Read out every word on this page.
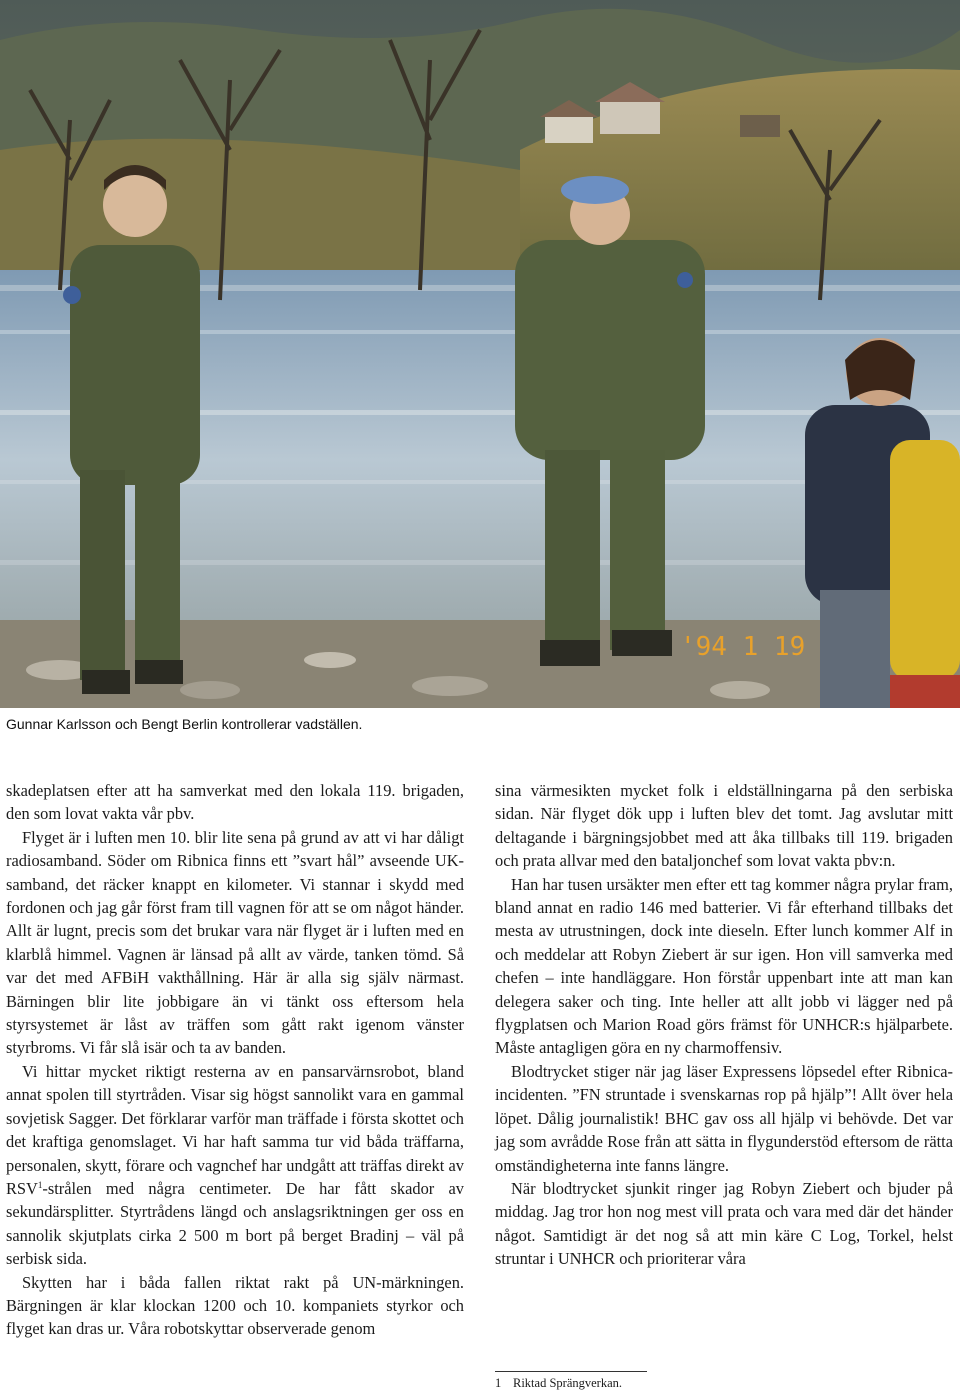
'94 1 19

Gunnar Karlsson och Bengt Berlin kontrollerar vadställen.

skadeplatsen efter att ha samverkat med den lokala 119. brigaden, den som lovat vakta vår pbv.

Flyget är i luften men 10. blir lite sena på grund av att vi har dåligt radiosamband. Söder om Ribnica finns ett ”svart hål” avseende UK-samband, det räcker knappt en kilometer. Vi stannar i skydd med fordonen och jag går först fram till vagnen för att se om något händer. Allt är lugnt, precis som det brukar vara när flyget är i luften med en klarblå himmel. Vagnen är länsad på allt av värde, tanken tömd. Så var det med AFBiH vakthållning. Här är alla sig själv närmast. Bärningen blir lite jobbigare än vi tänkt oss eftersom hela styrsystemet är låst av träffen som gått rakt igenom vänster styrbroms. Vi får slå isär och ta av banden.

Vi hittar mycket riktigt resterna av en pansarvärnsrobot, bland annat spolen till styrtråden. Visar sig högst sannolikt vara en gammal sovjetisk Sagger. Det förklarar varför man träffade i första skottet och det kraftiga genomslaget. Vi har haft samma tur vid båda träffarna, personalen, skytt, förare och vagnchef har undgått att träffas direkt av RSV$^1$-strålen med några centimeter. De har fått skador av sekundärsplitter. Styrtrådens längd och anslagsriktningen ger oss en sannolik skjutplats cirka 2 500 m bort på berget Bradinj – väl på serbisk sida.

Skytten har i båda fallen riktat rakt på UN-märkningen. Bärgningen är klar klockan 1200 och 10. kompaniets styrkor och flyget kan dras ur. Våra robotskyttar observerade genom

sina värmesikten mycket folk i eldställningarna på den serbiska sidan. När flyget dök upp i luften blev det tomt. Jag avslutar mitt deltagande i bärgningsjobbet med att åka tillbaks till 119. brigaden och prata allvar med den bataljonchef som lovat vakta pbv:n.

Han har tusen ursäkter men efter ett tag kommer några prylar fram, bland annat en radio 146 med batterier. Vi får efterhand tillbaks det mesta av utrustningen, dock inte dieseln. Efter lunch kommer Alf in och meddelar att Robyn Ziebert är sur igen. Hon vill samverka med chefen – inte handläggare. Hon förstår uppenbart inte att man kan delegera saker och ting. Inte heller att allt jobb vi lägger ned på flygplatsen och Marion Road görs främst för UNHCR:s hjälparbete. Måste antagligen göra en ny charmoffensiv.

Blodtrycket stiger när jag läser Expressens löpsedel efter Ribnica-incidenten. ”FN struntade i svenskarnas rop på hjälp”! Allt över hela löpet. Dålig journalistik! BHC gav oss all hjälp vi behövde. Det var jag som avrådde Rose från att sätta in flygunderstöd eftersom de rätta omständigheterna inte fanns längre.

När blodtrycket sjunkit ringer jag Robyn Ziebert och bjuder på middag. Jag tror hon nog mest vill prata och vara med där det händer något. Samtidigt är det nog så att min käre C Log, Torkel, helst struntar i UNHCR och prioriterar våra

1 Riktad Sprängverkan.
